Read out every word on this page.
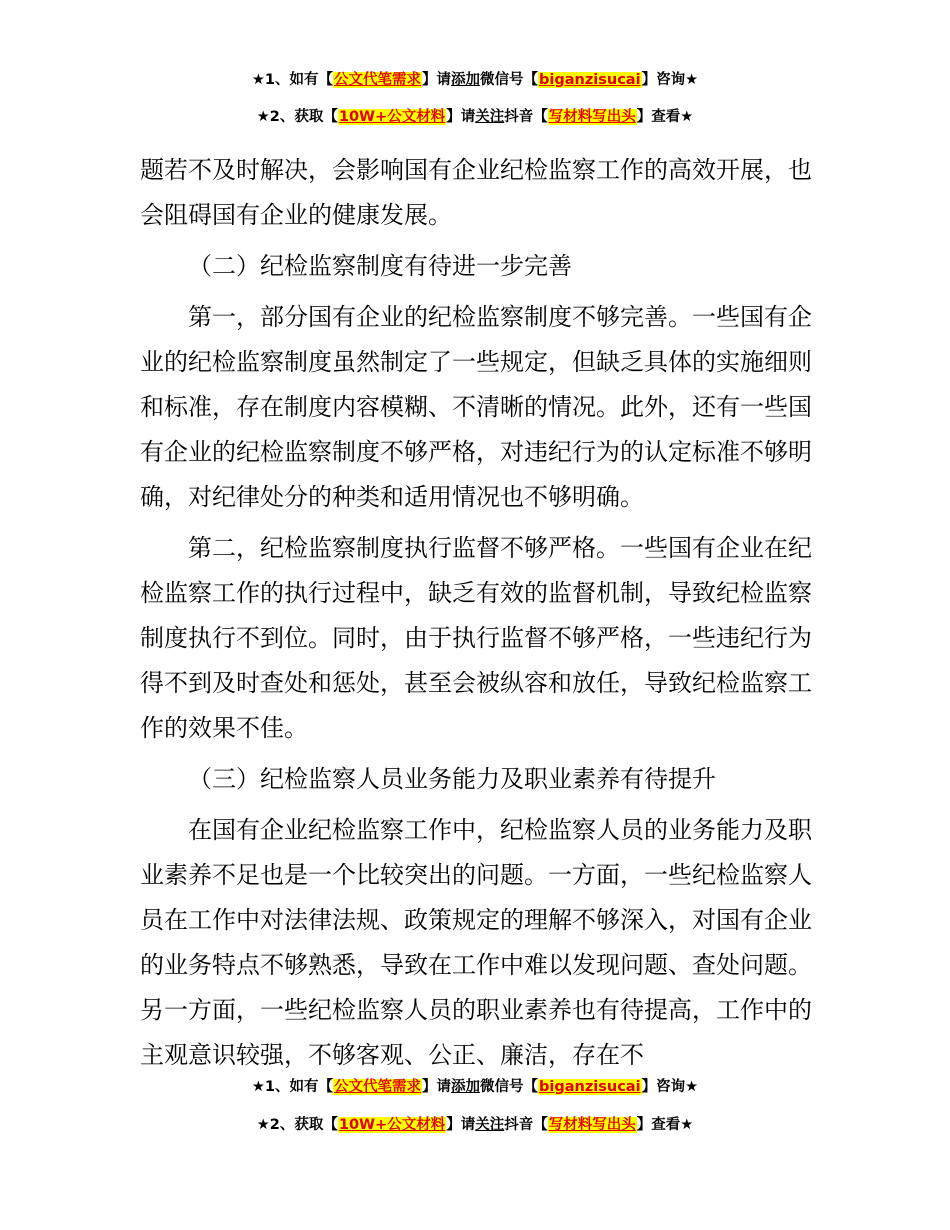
★1、如有【公文代笔需求】请添加微信号【biganzisucai】咨询★
★2、获取【10W+公文材料】请关注抖音【写材料写出头】查看★

题若不及时解决，会影响国有企业纪检监察工作的高效开展，也会阻碍国有企业的健康发展。

（二）纪检监察制度有待进一步完善

第一，部分国有企业的纪检监察制度不够完善。一些国有企业的纪检监察制度虽然制定了一些规定，但缺乏具体的实施细则和标准，存在制度内容模糊、不清晰的情况。此外，还有一些国有企业的纪检监察制度不够严格，对违纪行为的认定标准不够明确，对纪律处分的种类和适用情况也不够明确。

第二，纪检监察制度执行监督不够严格。一些国有企业在纪检监察工作的执行过程中，缺乏有效的监督机制，导致纪检监察制度执行不到位。同时，由于执行监督不够严格，一些违纪行为得不到及时查处和惩处，甚至会被纵容和放任，导致纪检监察工作的效果不佳。

（三）纪检监察人员业务能力及职业素养有待提升

在国有企业纪检监察工作中，纪检监察人员的业务能力及职业素养不足也是一个比较突出的问题。一方面，一些纪检监察人员在工作中对法律法规、政策规定的理解不够深入，对国有企业的业务特点不够熟悉，导致在工作中难以发现问题、查处问题。另一方面，一些纪检监察人员的职业素养也有待提高，工作中的主观意识较强，不够客观、公正、廉洁，存在不

★1、如有【公文代笔需求】请添加微信号【biganzisucai】咨询★
★2、获取【10W+公文材料】请关注抖音【写材料写出头】查看★
